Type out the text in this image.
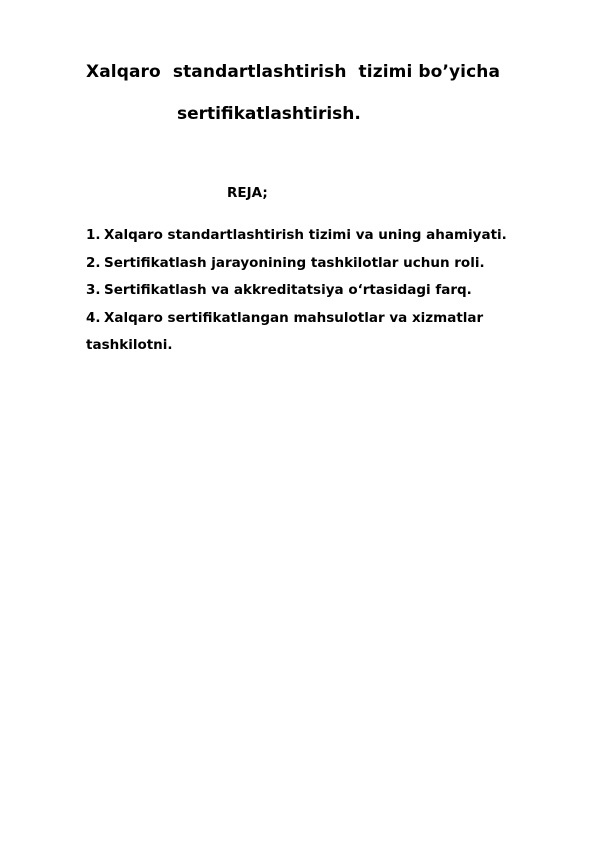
Xalqaro  standartlashtirish  tizimi bo’yicha
sertifikatlashtirish.
REJA;
1. Xalqaro standartlashtirish tizimi va uning ahamiyati.
2. Sertifikatlash jarayonining tashkilotlar uchun roli.
3. Sertifikatlash va akkreditatsiya o‘rtasidagi farq.
4. Xalqaro sertifikatlangan mahsulotlar va xizmatlar
tashkilotni.
